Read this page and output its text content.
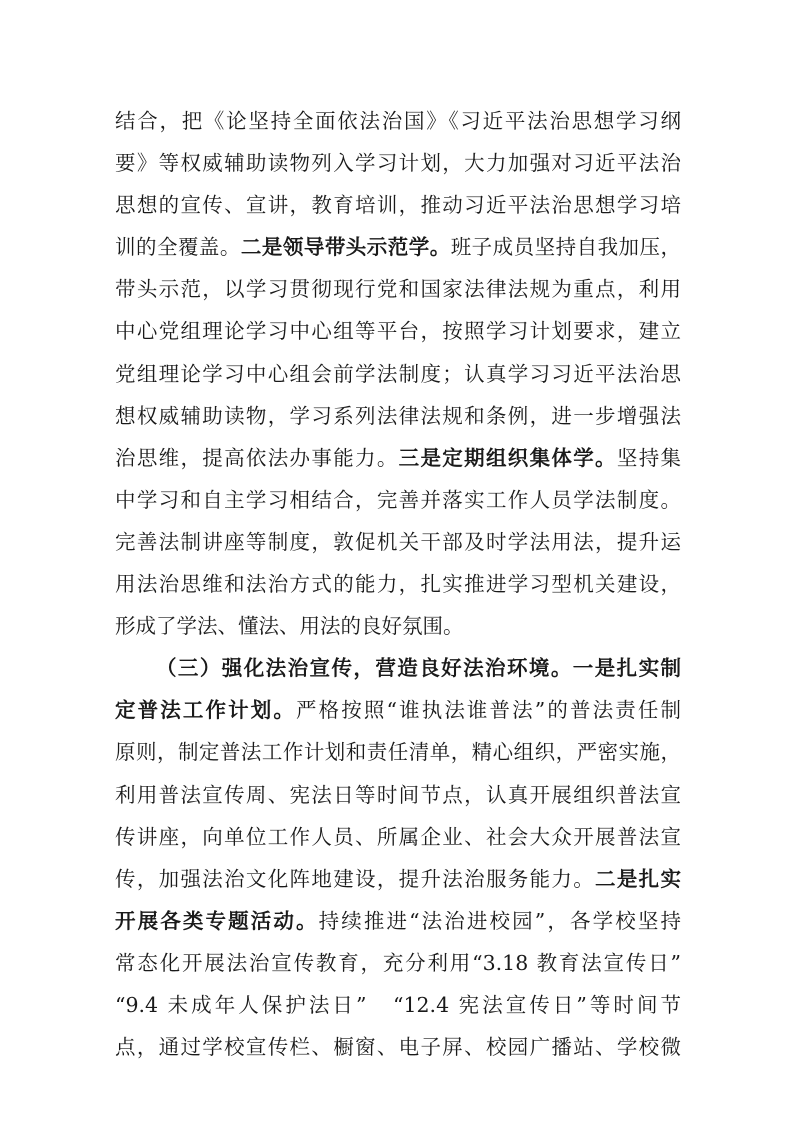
结合，把《论坚持全面依法治国》《习近平法治思想学习纲
要》等权威辅助读物列入学习计划，大力加强对习近平法治
思想的宣传、宣讲，教育培训，推动习近平法治思想学习培
训的全覆盖。二是领导带头示范学。班子成员坚持自我加压，
带头示范，以学习贯彻现行党和国家法律法规为重点，利用
中心党组理论学习中心组等平台，按照学习计划要求，建立
党组理论学习中心组会前学法制度；认真学习习近平法治思
想权威辅助读物，学习系列法律法规和条例，进一步增强法
治思维，提高依法办事能力。三是定期组织集体学。坚持集
中学习和自主学习相结合，完善并落实工作人员学法制度。
完善法制讲座等制度，敦促机关干部及时学法用法，提升运
用法治思维和法治方式的能力，扎实推进学习型机关建设，
形成了学法、懂法、用法的良好氛围。
（三）强化法治宣传，营造良好法治环境。一是扎实制
定普法工作计划。严格按照“谁执法谁普法”的普法责任制
原则，制定普法工作计划和责任清单，精心组织，严密实施，
利用普法宣传周、宪法日等时间节点，认真开展组织普法宣
传讲座，向单位工作人员、所属企业、社会大众开展普法宣
传，加强法治文化阵地建设，提升法治服务能力。二是扎实
开展各类专题活动。持续推进“法治进校园”，各学校坚持
常态化开展法治宣传教育，充分利用“3.18 教育法宣传日”
“9.4 未成年人保护法日”　“12.4 宪法宣传日”等时间节
点，通过学校宣传栏、橱窗、电子屏、校园广播站、学校微
